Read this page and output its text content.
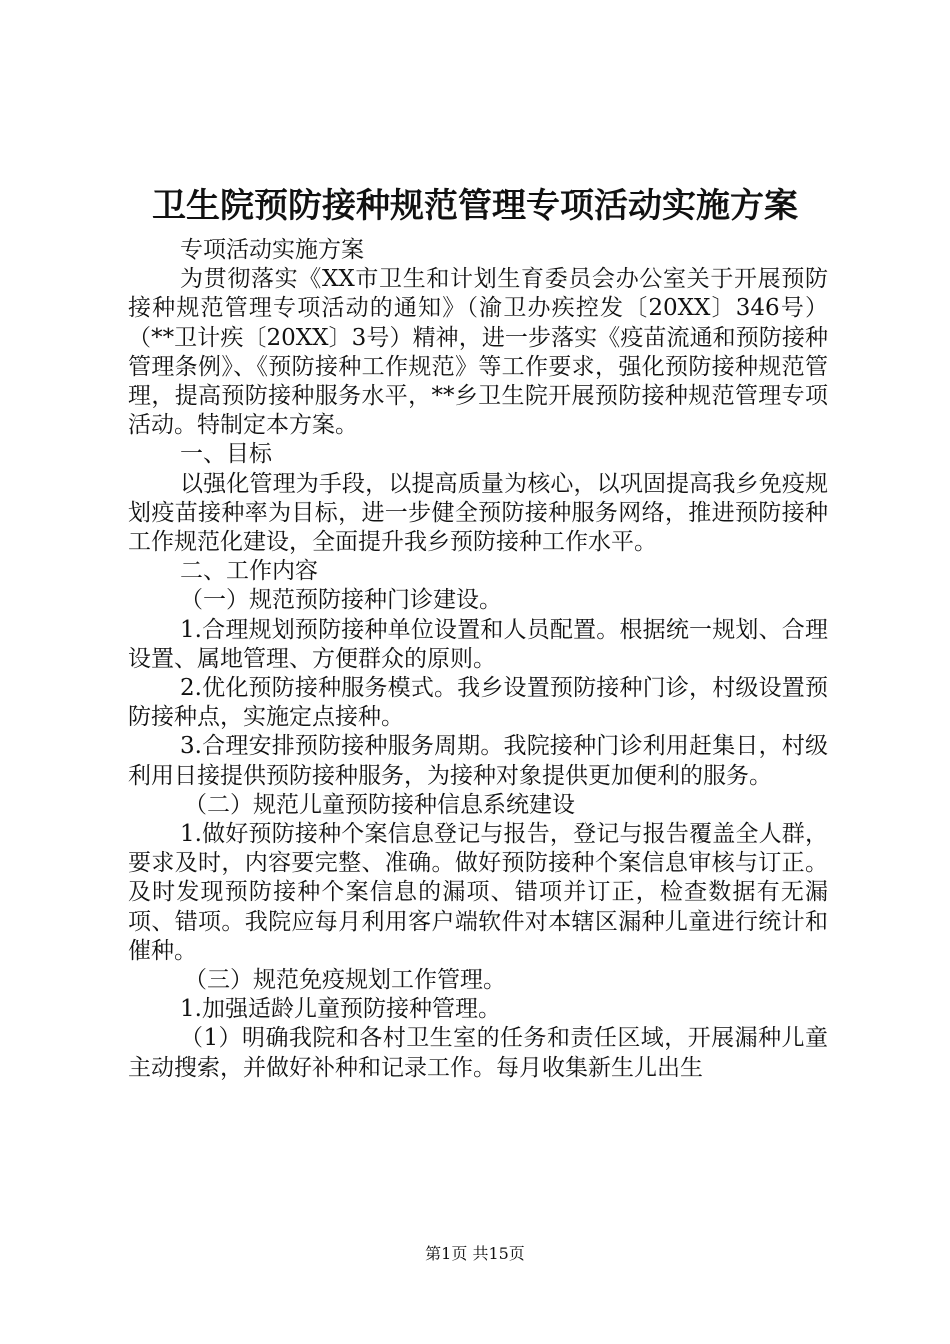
卫生院预防接种规范管理专项活动实施方案

专项活动实施方案

为贯彻落实《XX市卫生和计划生育委员会办公室关于开展预防接种规范管理专项活动的通知》（渝卫办疾控发〔20XX〕346号）（**卫计疾〔20XX〕3号）精神，进一步落实《疫苗流通和预防接种管理条例》、《预防接种工作规范》等工作要求，强化预防接种规范管理，提高预防接种服务水平，**乡卫生院开展预防接种规范管理专项活动。特制定本方案。

一、目标

以强化管理为手段，以提高质量为核心，以巩固提高我乡免疫规划疫苗接种率为目标，进一步健全预防接种服务网络，推进预防接种工作规范化建设，全面提升我乡预防接种工作水平。

二、工作内容

（一）规范预防接种门诊建设。

1.合理规划预防接种单位设置和人员配置。根据统一规划、合理设置、属地管理、方便群众的原则。

2.优化预防接种服务模式。我乡设置预防接种门诊，村级设置预防接种点，实施定点接种。

3.合理安排预防接种服务周期。我院接种门诊利用赶集日，村级利用日接提供预防接种服务，为接种对象提供更加便利的服务。

（二）规范儿童预防接种信息系统建设

1.做好预防接种个案信息登记与报告，登记与报告覆盖全人群，要求及时，内容要完整、准确。做好预防接种个案信息审核与订正。及时发现预防接种个案信息的漏项、错项并订正，检查数据有无漏项、错项。我院应每月利用客户端软件对本辖区漏种儿童进行统计和催种。

（三）规范免疫规划工作管理。

1.加强适龄儿童预防接种管理。

（1）明确我院和各村卫生室的任务和责任区域，开展漏种儿童主动搜索，并做好补种和记录工作。每月收集新生儿出生

第1页 共15页
